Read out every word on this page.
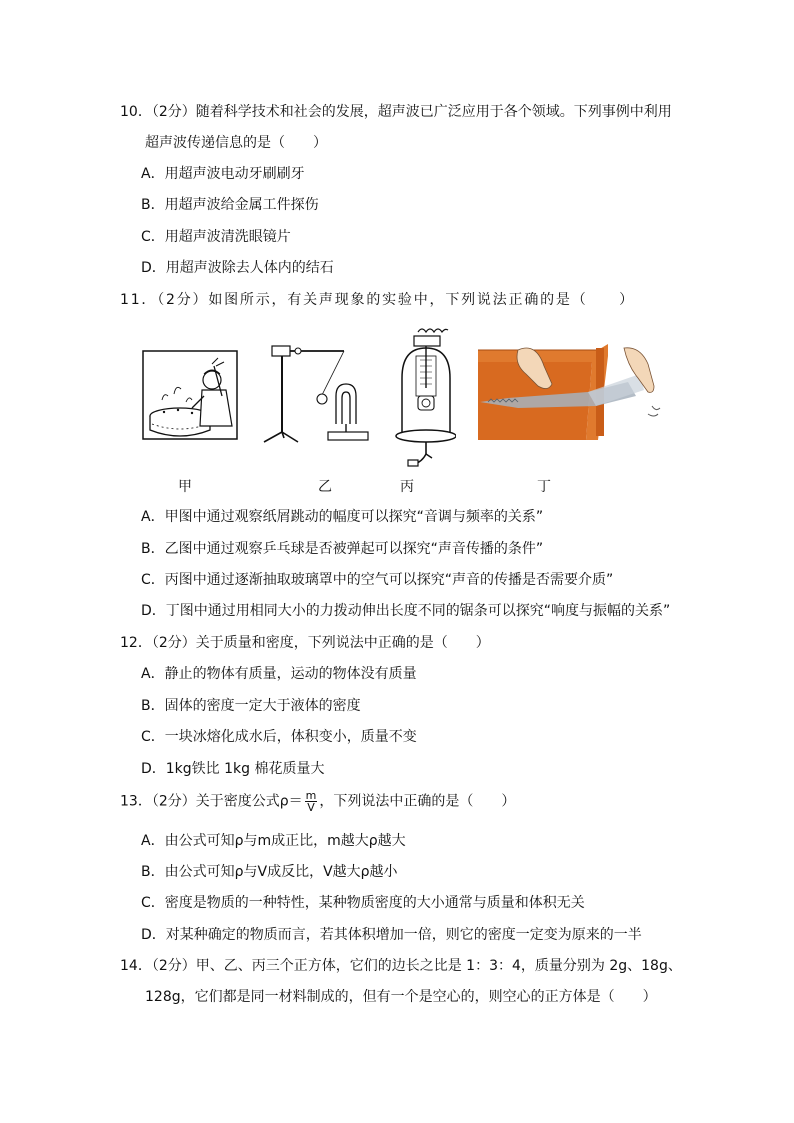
10．（2分）随着科学技术和社会的发展，超声波已广泛应用于各个领域。下列事例中利用
超声波传递信息的是（　　）
A．用超声波电动牙刷刷牙
B．用超声波给金属工件探伤
C．用超声波清洗眼镜片
D．用超声波除去人体内的结石
11．（2分）如图所示，有关声现象的实验中，下列说法正确的是（　　）
甲	乙	丙	丁
A．甲图中通过观察纸屑跳动的幅度可以探究“音调与频率的关系”
B．乙图中通过观察乒乓球是否被弹起可以探究“声音传播的条件”
C．丙图中通过逐渐抽取玻璃罩中的空气可以探究“声音的传播是否需要介质”
D．丁图中通过用相同大小的力拨动伸出长度不同的锯条可以探究“响度与振幅的关系”
12．（2分）关于质量和密度，下列说法中正确的是（　　）
A．静止的物体有质量，运动的物体没有质量
B．固体的密度一定大于液体的密度
C．一块冰熔化成水后，体积变小，质量不变
D．1kg铁比 1kg 棉花质量大
13．（2分）关于密度公式$\rho= \frac{m}{V}$ ，下列说法中正确的是（　　）
A．由公式可知ρ与m成正比，m越大ρ越大
B．由公式可知ρ与V成反比，V越大ρ越小
C．密度是物质的一种特性，某种物质密度的大小通常与质量和体积无关
D．对某种确定的物质而言，若其体积增加一倍，则它的密度一定变为原来的一半
14．（2分）甲、乙、丙三个正方体，它们的边长之比是 1：3：4，质量分别为 2g、18g、
128g，它们都是同一材料制成的，但有一个是空心的，则空心的正方体是（　　）
